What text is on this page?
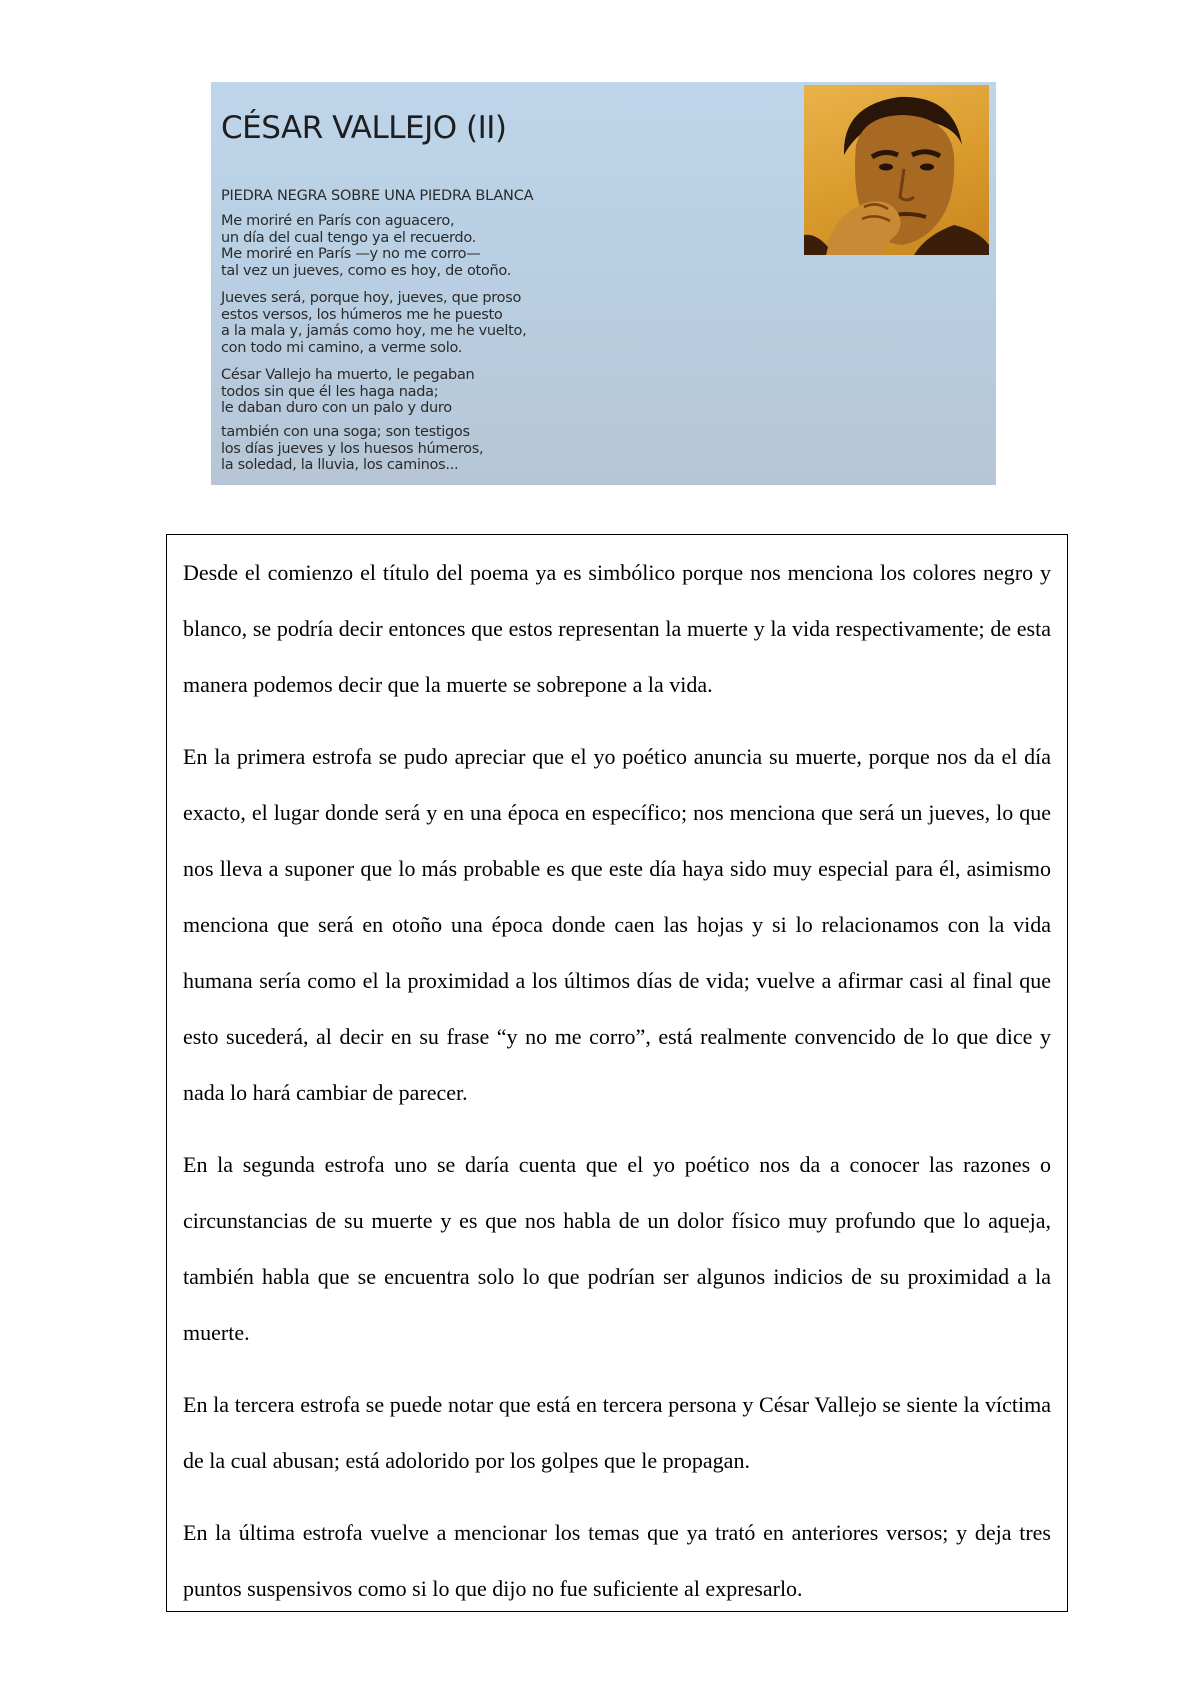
CÉSAR VALLEJO (II)
PIEDRA NEGRA SOBRE UNA PIEDRA BLANCA
Me moriré en París con aguacero,
un día del cual tengo ya el recuerdo.
Me moriré en París —y no me corro—
tal vez un jueves, como es hoy, de otoño.
Jueves será, porque hoy, jueves, que proso
estos versos, los húmeros me he puesto
a la mala y, jamás como hoy, me he vuelto,
con todo mi camino, a verme solo.
César Vallejo ha muerto, le pegaban
todos sin que él les haga nada;
le daban duro con un palo y duro
también con una soga; son testigos
los días jueves y los huesos húmeros,
la soledad, la lluvia, los caminos...

Desde el comienzo el título del poema ya es simbólico porque nos menciona los colores negro y blanco, se podría decir entonces que estos representan la muerte y la vida respectivamente; de esta manera podemos decir que la muerte se sobrepone a la vida.

En la primera estrofa se pudo apreciar que el yo poético anuncia su muerte, porque nos da el día exacto, el lugar donde será y en una época en específico; nos menciona que será un jueves, lo que nos lleva a suponer que lo más probable es que este día haya sido muy especial para él, asimismo menciona que será en otoño una época donde caen las hojas y si lo relacionamos con la vida humana sería como el la proximidad a los últimos días de vida; vuelve a afirmar casi al final que esto sucederá, al decir en su frase “y no me corro”, está realmente convencido de lo que dice y nada lo hará cambiar de parecer.

En la segunda estrofa uno se daría cuenta que el yo poético nos da a conocer las razones o circunstancias de su muerte y es que nos habla de un dolor físico muy profundo que lo aqueja, también habla que se encuentra solo lo que podrían ser algunos indicios de su proximidad a la muerte.

En la tercera estrofa se puede notar que está en tercera persona y César Vallejo se siente la víctima de la cual abusan; está adolorido por los golpes que le propagan.

En la última estrofa vuelve a mencionar los temas que ya trató en anteriores versos; y deja tres puntos suspensivos como si lo que dijo no fue suficiente al expresarlo.
